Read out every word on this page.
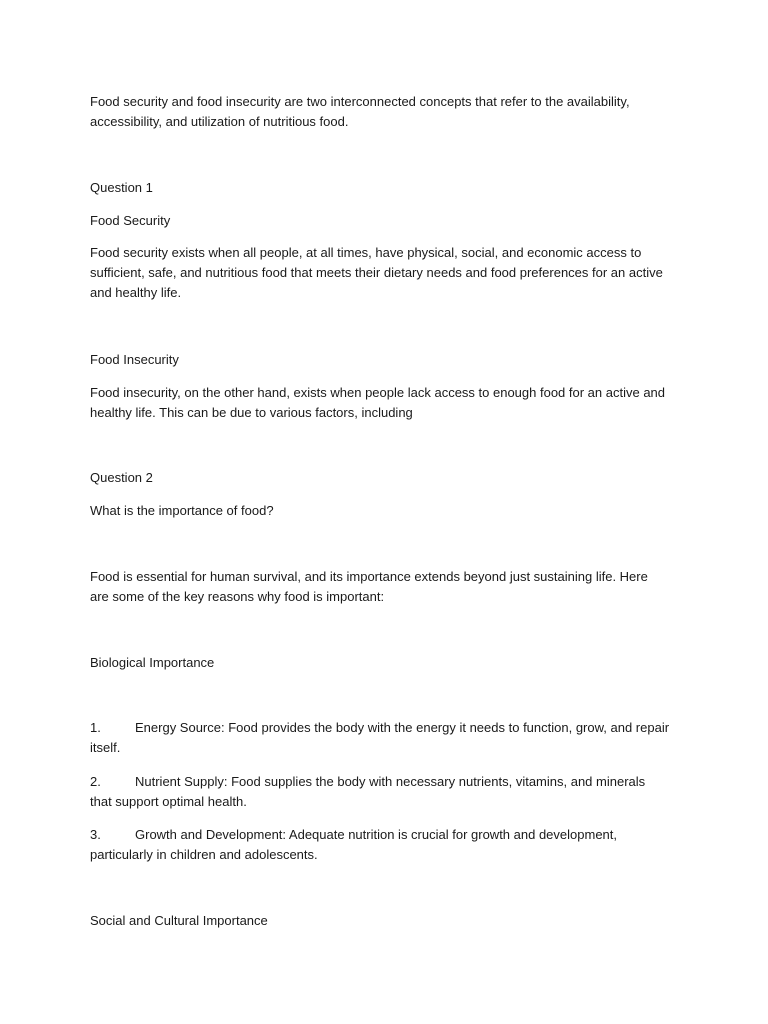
Food security and food insecurity are two interconnected concepts that refer to the availability, accessibility, and utilization of nutritious food.

Question 1

Food Security

Food security exists when all people, at all times, have physical, social, and economic access to sufficient, safe, and nutritious food that meets their dietary needs and food preferences for an active and healthy life.

Food Insecurity

Food insecurity, on the other hand, exists when people lack access to enough food for an active and healthy life. This can be due to various factors, including

Question 2

What is the importance of food?

Food is essential for human survival, and its importance extends beyond just sustaining life. Here are some of the key reasons why food is important:

Biological Importance

1.	Energy Source: Food provides the body with the energy it needs to function, grow, and repair itself.

2.	Nutrient Supply: Food supplies the body with necessary nutrients, vitamins, and minerals that support optimal health.

3.	Growth and Development: Adequate nutrition is crucial for growth and development, particularly in children and adolescents.

Social and Cultural Importance
